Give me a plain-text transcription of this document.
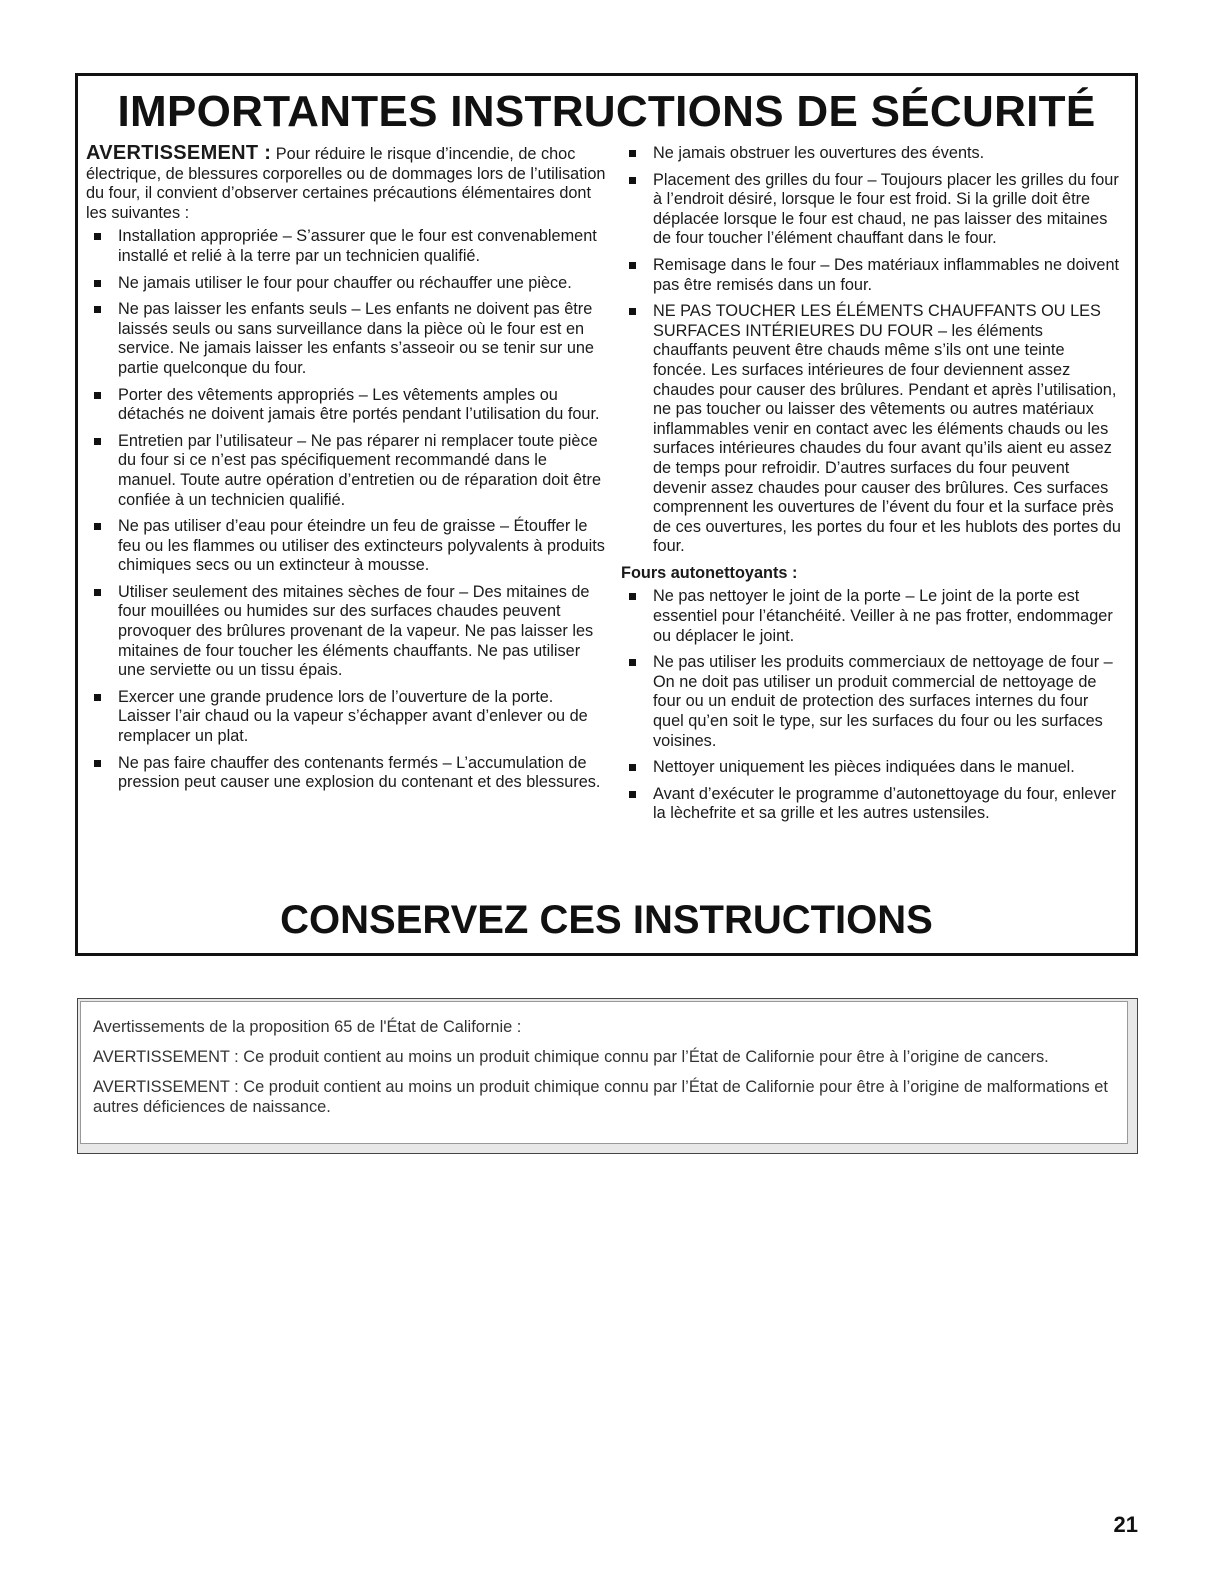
IMPORTANTES INSTRUCTIONS DE SÉCURITÉ

AVERTISSEMENT : Pour réduire le risque d’incendie, de choc électrique, de blessures corporelles ou de dommages lors de l’utilisation du four, il convient d’observer certaines précautions élémentaires dont les suivantes :

Installation appropriée – S’assurer que le four est convenablement installé et relié à la terre par un technicien qualifié.
Ne jamais utiliser le four pour chauffer ou réchauffer une pièce.
Ne pas laisser les enfants seuls – Les enfants ne doivent pas être laissés seuls ou sans surveillance dans la pièce où le four est en service. Ne jamais laisser les enfants s’asseoir ou se tenir sur une partie quelconque du four.
Porter des vêtements appropriés – Les vêtements amples ou détachés ne doivent jamais être portés pendant l’utilisation du four.
Entretien par l’utilisateur – Ne pas réparer ni remplacer toute pièce du four si ce n’est pas spécifiquement recommandé dans le manuel. Toute autre opération d’entretien ou de réparation doit être confiée à un technicien qualifié.
Ne pas utiliser d’eau pour éteindre un feu de graisse – Étouffer le feu ou les flammes ou utiliser des extincteurs polyvalents à produits chimiques secs ou un extincteur à mousse.
Utiliser seulement des mitaines sèches de four – Des mitaines de four mouillées ou humides sur des surfaces chaudes peuvent provoquer des brûlures provenant de la vapeur. Ne pas laisser les mitaines de four toucher les éléments chauffants. Ne pas utiliser une serviette ou un tissu épais.
Exercer une grande prudence lors de l’ouverture de la porte. Laisser l’air chaud ou la vapeur s’échapper avant d’enlever ou de remplacer un plat.
Ne pas faire chauffer des contenants fermés – L’accumulation de pression peut causer une explosion du contenant et des blessures.
Ne jamais obstruer les ouvertures des évents.
Placement des grilles du four – Toujours placer les grilles du four à l’endroit désiré, lorsque le four est froid. Si la grille doit être déplacée lorsque le four est chaud, ne pas laisser des mitaines de four toucher l’élément chauffant dans le four.
Remisage dans le four – Des matériaux inflammables ne doivent pas être remisés dans un four.
NE PAS TOUCHER LES ÉLÉMENTS CHAUFFANTS OU LES SURFACES INTÉRIEURES DU FOUR – les éléments chauffants peuvent être chauds même s’ils ont une teinte foncée. Les surfaces intérieures de four deviennent assez chaudes pour causer des brûlures. Pendant et après l’utilisation, ne pas toucher ou laisser des vêtements ou autres matériaux inflammables venir en contact avec les éléments chauds ou les surfaces intérieures chaudes du four avant qu’ils aient eu assez de temps pour refroidir. D’autres surfaces du four peuvent devenir assez chaudes pour causer des brûlures. Ces surfaces comprennent les ouvertures de l’évent du four et la surface près de ces ouvertures, les portes du four et les hublots des portes du four.

Fours autonettoyants :

Ne pas nettoyer le joint de la porte – Le joint de la porte est essentiel pour l’étanchéité. Veiller à ne pas frotter, endommager ou déplacer le joint.
Ne pas utiliser les produits commerciaux de nettoyage de four – On ne doit pas utiliser un produit commercial de nettoyage de four ou un enduit de protection des surfaces internes du four quel qu’en soit le type, sur les surfaces du four ou les surfaces voisines.
Nettoyer uniquement les pièces indiquées dans le manuel.
Avant d’exécuter le programme d’autonettoyage du four, enlever la lèchefrite et sa grille et les autres ustensiles.
CONSERVEZ CES INSTRUCTIONS

Avertissements de la proposition 65 de l'État de Californie :

AVERTISSEMENT : Ce produit contient au moins un produit chimique connu par l’État de Californie pour être à l’origine de cancers.

AVERTISSEMENT : Ce produit contient au moins un produit chimique connu par l’État de Californie pour être à l’origine de malformations et autres déficiences de naissance.

21
